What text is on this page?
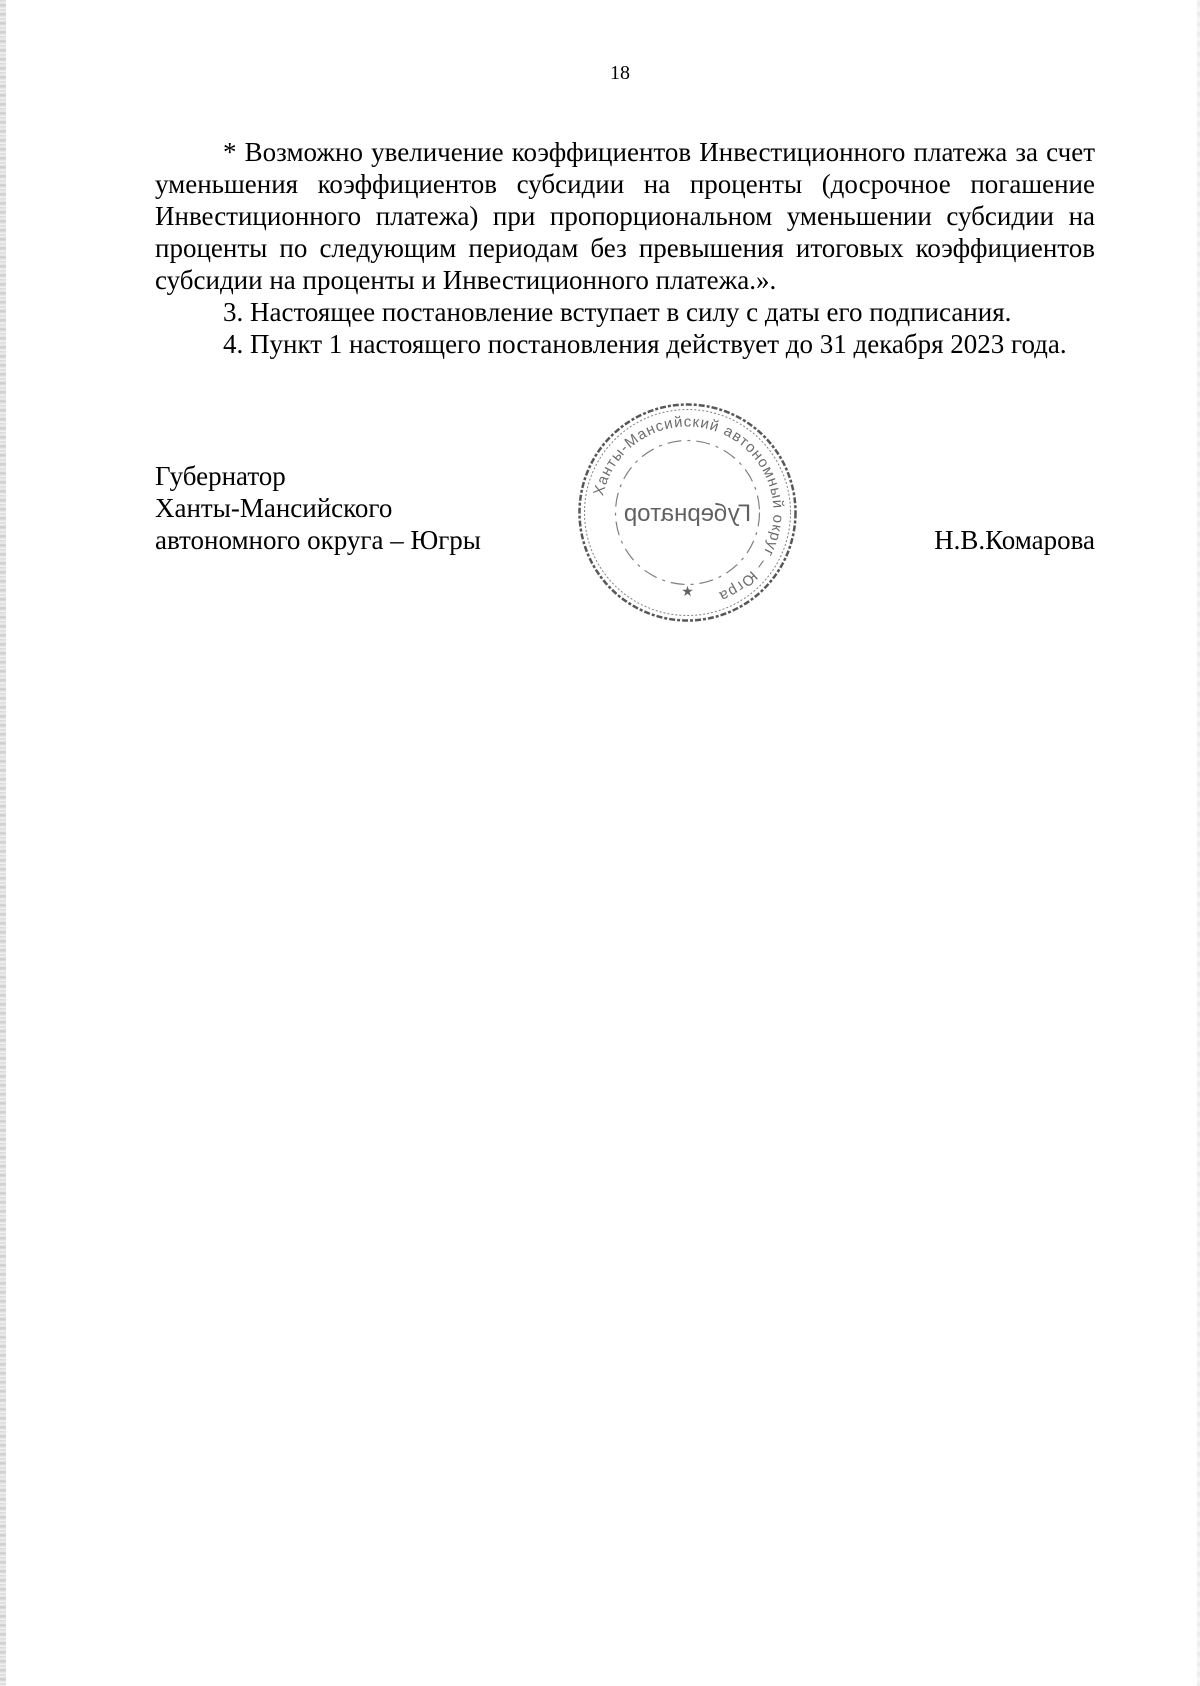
18

* Возможно увеличение коэффициентов Инвестиционного платежа за счет уменьшения коэффициентов субсидии на проценты (досрочное погашение Инвестиционного платежа) при пропорциональном уменьшении субсидии на проценты по следующим периодам без превышения итоговых коэффициентов субсидии на проценты и Инвестиционного платежа.».

3. Настоящее постановление вступает в силу с даты его подписания.

4. Пункт 1 настоящего постановления действует до 31 декабря 2023 года.

Губернатор
Ханты-Мансийского
автономного округа – Югры
Ханты-Мансийский автономный округ – Югра
Губернатор
★
Н.В.Комарова
